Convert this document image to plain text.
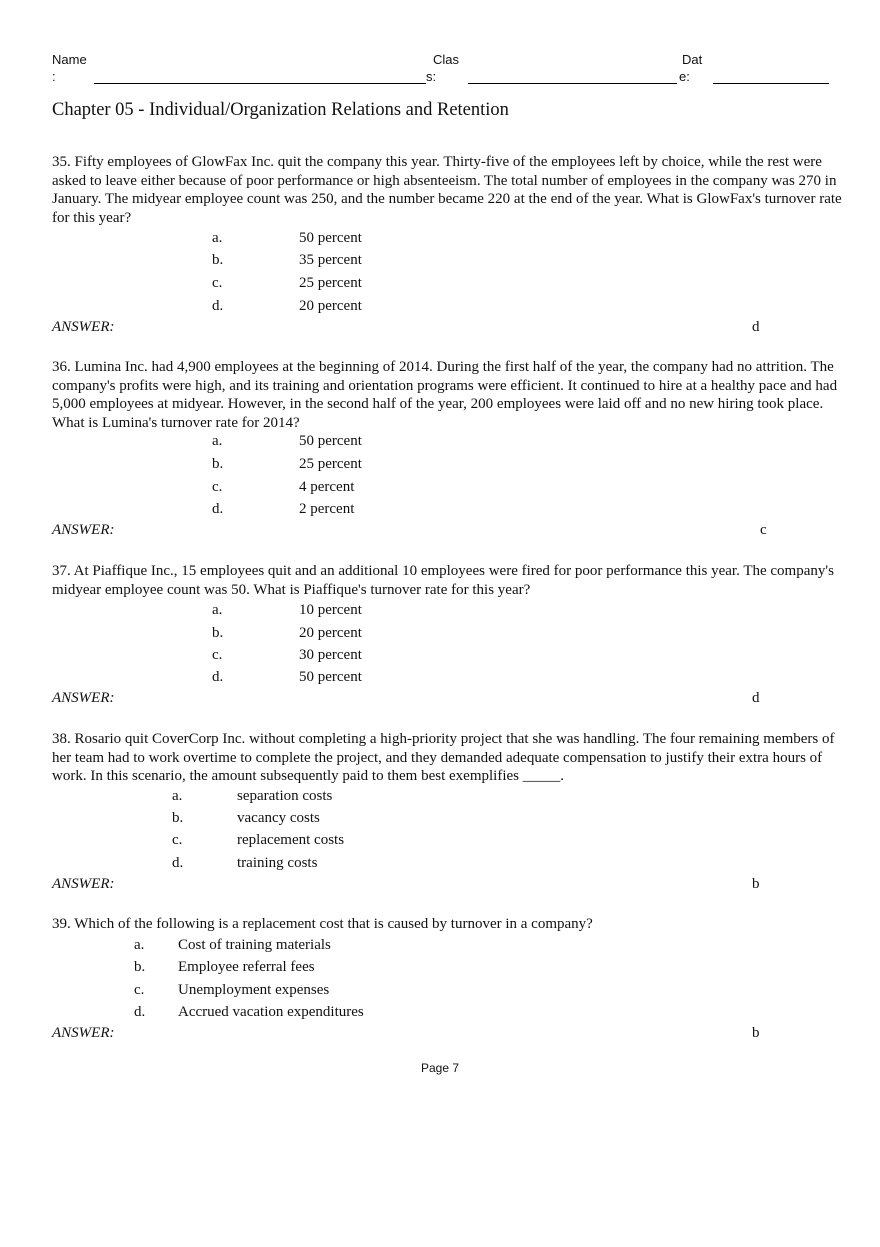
Name
:
Clas
s:
Dat
e:
Chapter 05 - Individual/Organization Relations and Retention
35. Fifty employees of GlowFax Inc. quit the company this year. Thirty-five of the employees left by choice, while the rest were asked to leave either because of poor performance or high absenteeism. The total number of employees in the company was 270 in January. The midyear employee count was 250, and the number became 220 at the end of the year. What is GlowFax's turnover rate for this year?
a.	50 percent
b.	35 percent
c.	25 percent
d.	20 percent
ANSWER:	d
36. Lumina Inc. had 4,900 employees at the beginning of 2014. During the first half of the year, the company had no attrition. The company's profits were high, and its training and orientation programs were efficient. It continued to hire at a healthy pace and had 5,000 employees at midyear. However, in the second half of the year, 200 employees were laid off and no new hiring took place. What is Lumina's turnover rate for 2014?
a.	50 percent
b.	25 percent
c.	4 percent
d.	2 percent
ANSWER:	c
37. At Piaffique Inc., 15 employees quit and an additional 10 employees were fired for poor performance this year. The company's midyear employee count was 50. What is Piaffique's turnover rate for this year?
a.	10 percent
b.	20 percent
c.	30 percent
d.	50 percent
ANSWER:	d
38. Rosario quit CoverCorp Inc. without completing a high-priority project that she was handling. The four remaining members of her team had to work overtime to complete the project, and they demanded adequate compensation to justify their extra hours of work. In this scenario, the amount subsequently paid to them best exemplifies _____.
a.	separation costs
b.	vacancy costs
c.	replacement costs
d.	training costs
ANSWER:	b
39. Which of the following is a replacement cost that is caused by turnover in a company?
a. Cost of training materials
b. Employee referral fees
c. Unemployment expenses
d. Accrued vacation expenditures
ANSWER:	b
Page 7
